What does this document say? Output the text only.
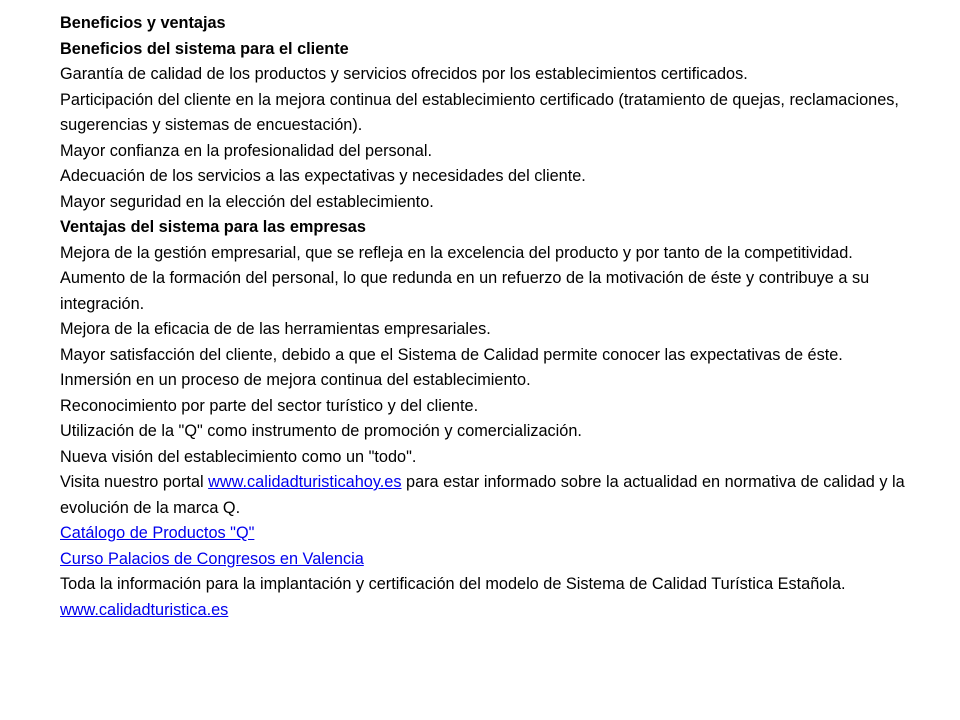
Beneficios y ventajas
Beneficios del sistema para el cliente
Garantía de calidad de los productos y servicios ofrecidos por los establecimientos certificados.
Participación del cliente en la mejora continua del establecimiento certificado (tratamiento de quejas, reclamaciones, sugerencias y sistemas de encuestación).
Mayor confianza en la profesionalidad del personal.
Adecuación de los servicios a las expectativas y necesidades del cliente.
Mayor seguridad en la elección del establecimiento.
Ventajas del sistema para las empresas
Mejora de la gestión empresarial, que se refleja en la excelencia del producto y por tanto de la competitividad.
Aumento de la formación del personal, lo que redunda en un refuerzo de la motivación de éste y contribuye a su integración.
Mejora de la eficacia de de las herramientas empresariales.
Mayor satisfacción del cliente, debido a que el Sistema de Calidad permite conocer las expectativas de éste.
Inmersión en un proceso de mejora continua del establecimiento.
Reconocimiento por parte del sector turístico y del cliente.
Utilización de la "Q" como instrumento de promoción y comercialización.
Nueva visión del establecimiento como un "todo".
Visita nuestro portal www.calidadturisticahoy.es para estar informado sobre la actualidad en normativa de calidad y la evolución de la marca Q.
Catálogo de Productos "Q"
Curso Palacios de Congresos en Valencia
Toda la información para la implantación y certificación del modelo de Sistema de Calidad Turística Estañola.
www.calidadturistica.es
